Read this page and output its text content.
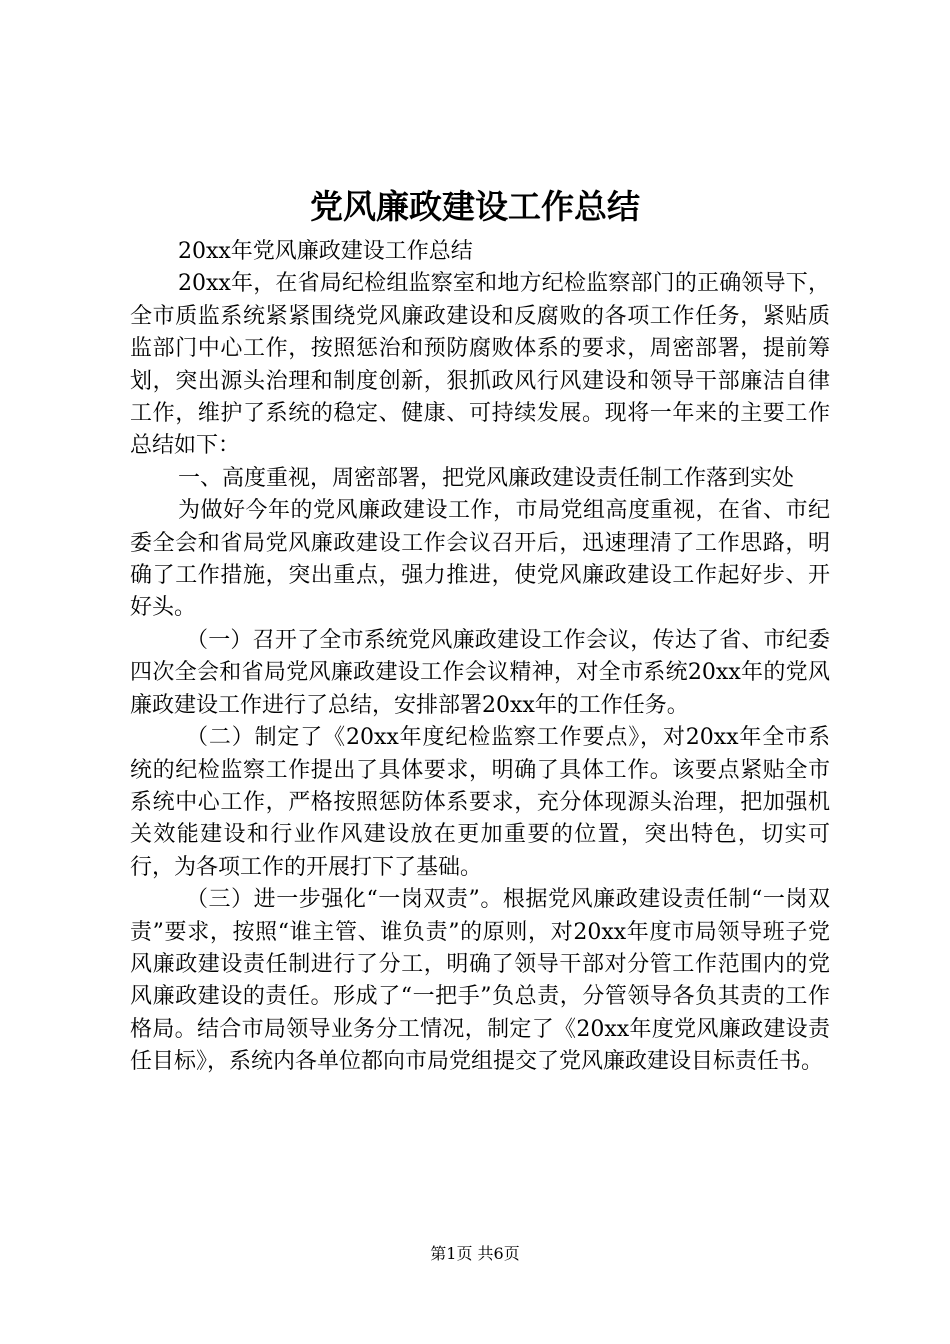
党风廉政建设工作总结

20xx年党风廉政建设工作总结

20xx年，在省局纪检组监察室和地方纪检监察部门的正确领导下，全市质监系统紧紧围绕党风廉政建设和反腐败的各项工作任务，紧贴质监部门中心工作，按照惩治和预防腐败体系的要求，周密部署，提前筹划，突出源头治理和制度创新，狠抓政风行风建设和领导干部廉洁自律工作，维护了系统的稳定、健康、可持续发展。现将一年来的主要工作总结如下：

一、高度重视，周密部署，把党风廉政建设责任制工作落到实处

为做好今年的党风廉政建设工作，市局党组高度重视，在省、市纪委全会和省局党风廉政建设工作会议召开后，迅速理清了工作思路，明确了工作措施，突出重点，强力推进，使党风廉政建设工作起好步、开好头。

（一）召开了全市系统党风廉政建设工作会议，传达了省、市纪委四次全会和省局党风廉政建设工作会议精神，对全市系统20xx年的党风廉政建设工作进行了总结，安排部署20xx年的工作任务。

（二）制定了《20xx年度纪检监察工作要点》，对20xx年全市系统的纪检监察工作提出了具体要求，明确了具体工作。该要点紧贴全市系统中心工作，严格按照惩防体系要求，充分体现源头治理，把加强机关效能建设和行业作风建设放在更加重要的位置，突出特色，切实可行，为各项工作的开展打下了基础。

（三）进一步强化“一岗双责”。根据党风廉政建设责任制“一岗双责”要求，按照“谁主管、谁负责”的原则，对20xx年度市局领导班子党风廉政建设责任制进行了分工，明确了领导干部对分管工作范围内的党风廉政建设的责任。形成了“一把手”负总责，分管领导各负其责的工作格局。结合市局领导业务分工情况，制定了《20xx年度党风廉政建设责任目标》，系统内各单位都向市局党组提交了党风廉政建设目标责任书。

第1页 共6页
